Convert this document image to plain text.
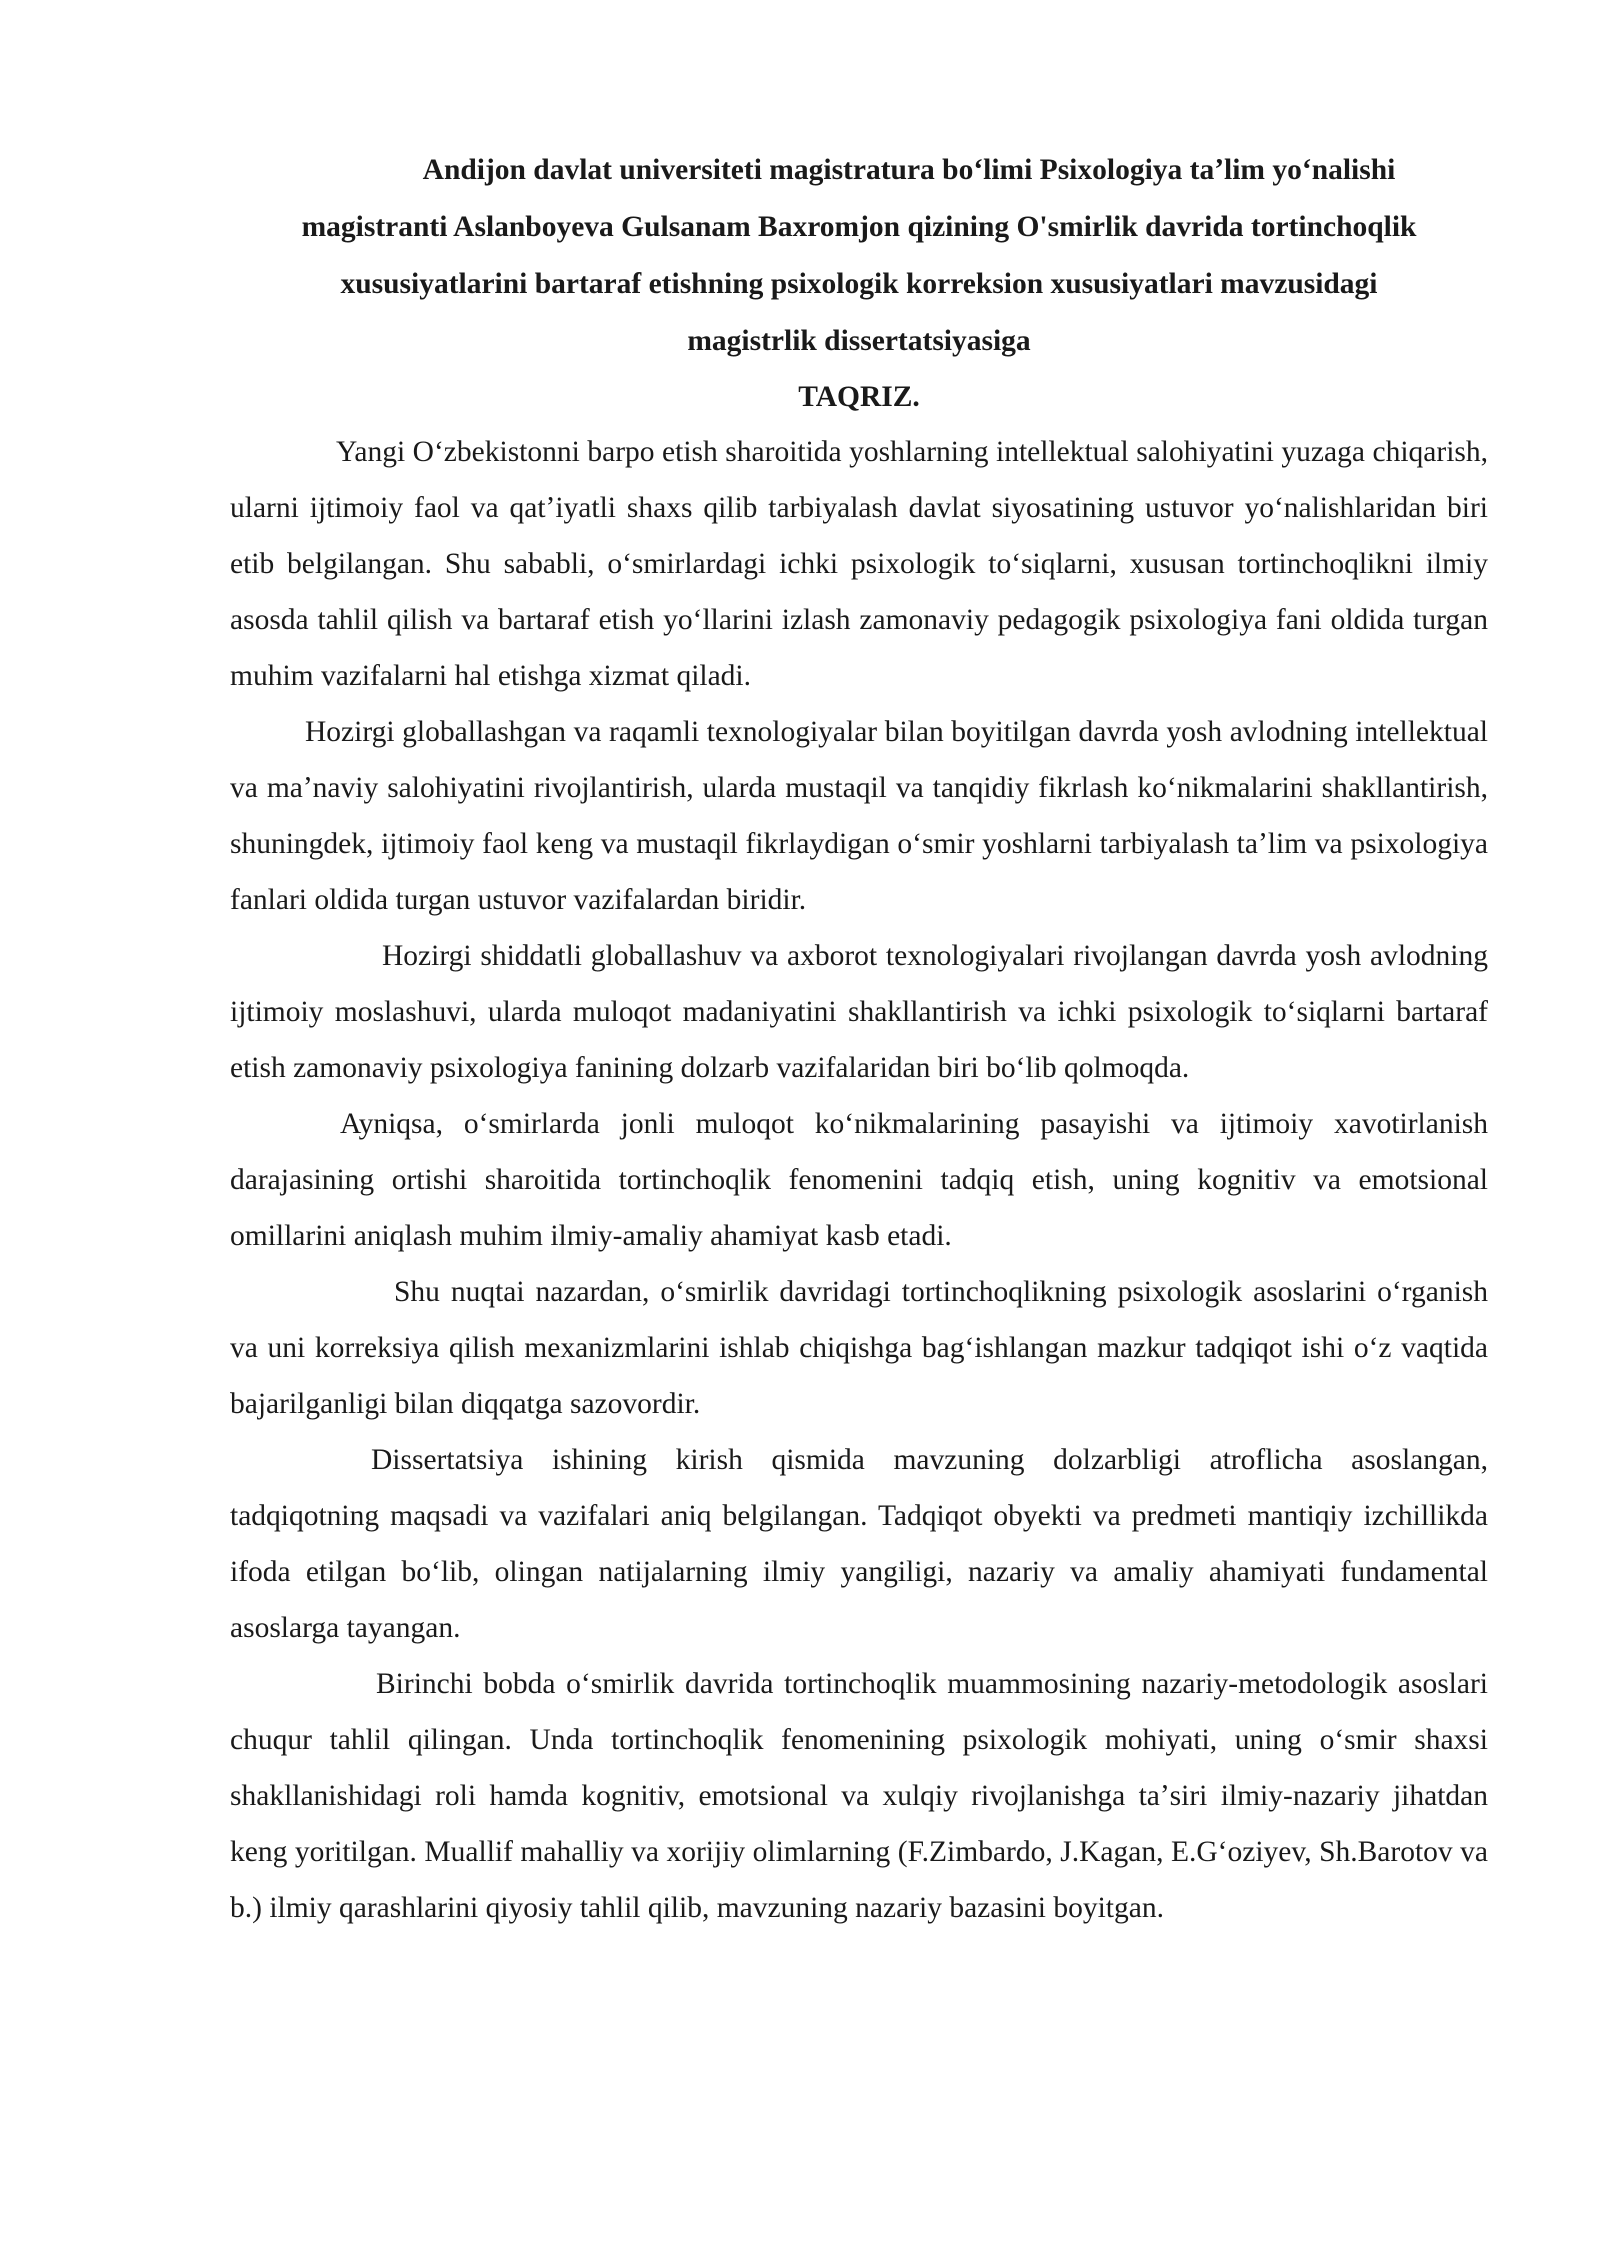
Andijon davlat universiteti magistratura boʻlimi Psixologiya taʼlim yoʻnalishi
magistranti Aslanboyeva Gulsanam Baxromjon qizining O'smirlik davrida tortinchoqlik
xususiyatlarini bartaraf etishning psixologik korreksion xususiyatlari mavzusidagi
magistrlik dissertatsiyasiga

TAQRIZ.

Yangi Oʻzbekistonni barpo etish sharoitida yoshlarning intellektual salohiyatini yuzaga chiqarish, ularni ijtimoiy faol va qatʼiyatli shaxs qilib tarbiyalash davlat siyosatining ustuvor yoʻnalishlaridan biri etib belgilangan. Shu sababli, oʻsmirlardagi ichki psixologik toʻsiqlarni, xususan tortinchoqlikni ilmiy asosda tahlil qilish va bartaraf etish yoʻllarini izlash zamonaviy pedagogik psixologiya fani oldida turgan muhim vazifalarni hal etishga xizmat qiladi.

Hozirgi globallashgan va raqamli texnologiyalar bilan boyitilgan davrda yosh avlodning intellektual va maʼnaviy salohiyatini rivojlantirish, ularda mustaqil va tanqidiy fikrlash koʻnikmalarini shakllantirish, shuningdek, ijtimoiy faol keng va mustaqil fikrlaydigan oʻsmir yoshlarni tarbiyalash taʼlim va psixologiya fanlari oldida turgan ustuvor vazifalardan biridir.

Hozirgi shiddatli globallashuv va axborot texnologiyalari rivojlangan davrda yosh avlodning ijtimoiy moslashuvi, ularda muloqot madaniyatini shakllantirish va ichki psixologik toʻsiqlarni bartaraf etish zamonaviy psixologiya fanining dolzarb vazifalaridan biri boʻlib qolmoqda.

Ayniqsa, oʻsmirlarda jonli muloqot koʻnikmalarining pasayishi va ijtimoiy xavotirlanish darajasining ortishi sharoitida tortinchoqlik fenomenini tadqiq etish, uning kognitiv va emotsional omillarini aniqlash muhim ilmiy-amaliy ahamiyat kasb etadi.

Shu nuqtai nazardan, oʻsmirlik davridagi tortinchoqlikning psixologik asoslarini oʻrganish va uni korreksiya qilish mexanizmlarini ishlab chiqishga bagʻishlangan mazkur tadqiqot ishi oʻz vaqtida bajarilganligi bilan diqqatga sazovordir.

Dissertatsiya ishining kirish qismida mavzuning dolzarbligi atroflicha asoslangan, tadqiqotning maqsadi va vazifalari aniq belgilangan. Tadqiqot obyekti va predmeti mantiqiy izchillikda ifoda etilgan boʻlib, olingan natijalarning ilmiy yangiligi, nazariy va amaliy ahamiyati fundamental asoslarga tayangan.

Birinchi bobda oʻsmirlik davrida tortinchoqlik muammosining nazariy-metodologik asoslari chuqur tahlil qilingan. Unda tortinchoqlik fenomenining psixologik mohiyati, uning oʻsmir shaxsi shakllanishidagi roli hamda kognitiv, emotsional va xulqiy rivojlanishga taʼsiri ilmiy-nazariy jihatdan keng yoritilgan. Muallif mahalliy va xorijiy olimlarning (F.Zimbardo, J.Kagan, E.Gʻoziyev, Sh.Barotov va b.) ilmiy qarashlarini qiyosiy tahlil qilib, mavzuning nazariy bazasini boyitgan.
